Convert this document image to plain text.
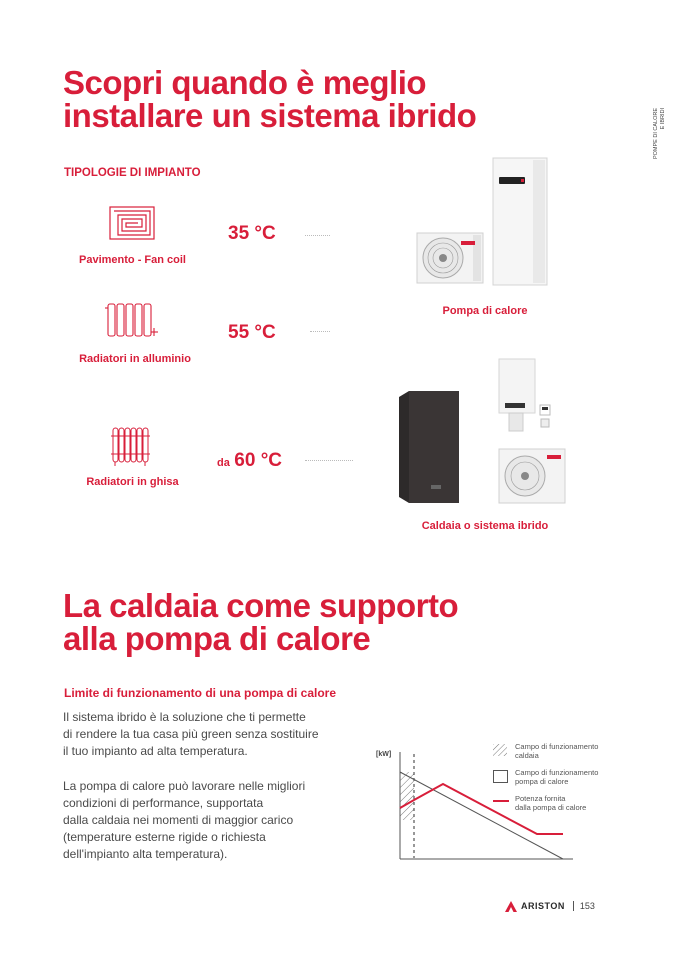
Scopri quando è meglio
installare un sistema ibrido	POMPE DI CALORE E IBRIDI
TIPOLOGIE DI IMPIANTO
Pavimento - Fan coil
35 °C
Radiatori in alluminio
55 °C
Radiatori in ghisa
da 60 °C
Pompa di calore
Caldaia o sistema ibrido
La caldaia come supporto
alla pompa di calore
Limite di funzionamento di una pompa di calore
Il sistema ibrido è la soluzione che ti permette
di rendere la tua casa più green senza sostituire
il tuo impianto ad alta temperatura.
La pompa di calore può lavorare nelle migliori
condizioni di performance, supportata
dalla caldaia nei momenti di maggior carico
(temperature esterne rigide o richiesta
dell'impianto alta temperatura).
[kW]
Campo di funzionamento
caldaia
Campo di funzionamento
pompa di calore
Potenza fornita
dalla pompa di calore
ARISTON 153
